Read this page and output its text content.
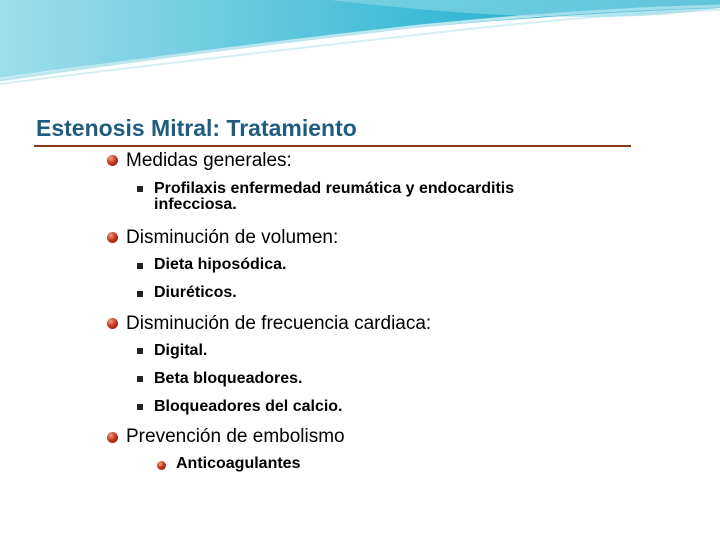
Estenosis Mitral: Tratamiento
Medidas generales:
Profilaxis enfermedad reumática y endocarditis
infecciosa.
Disminución de volumen:
Dieta hiposódica.
Diuréticos.
Disminución de frecuencia cardiaca:
Digital.
Beta bloqueadores.
Bloqueadores del calcio.
Prevención de embolismo
Anticoagulantes
